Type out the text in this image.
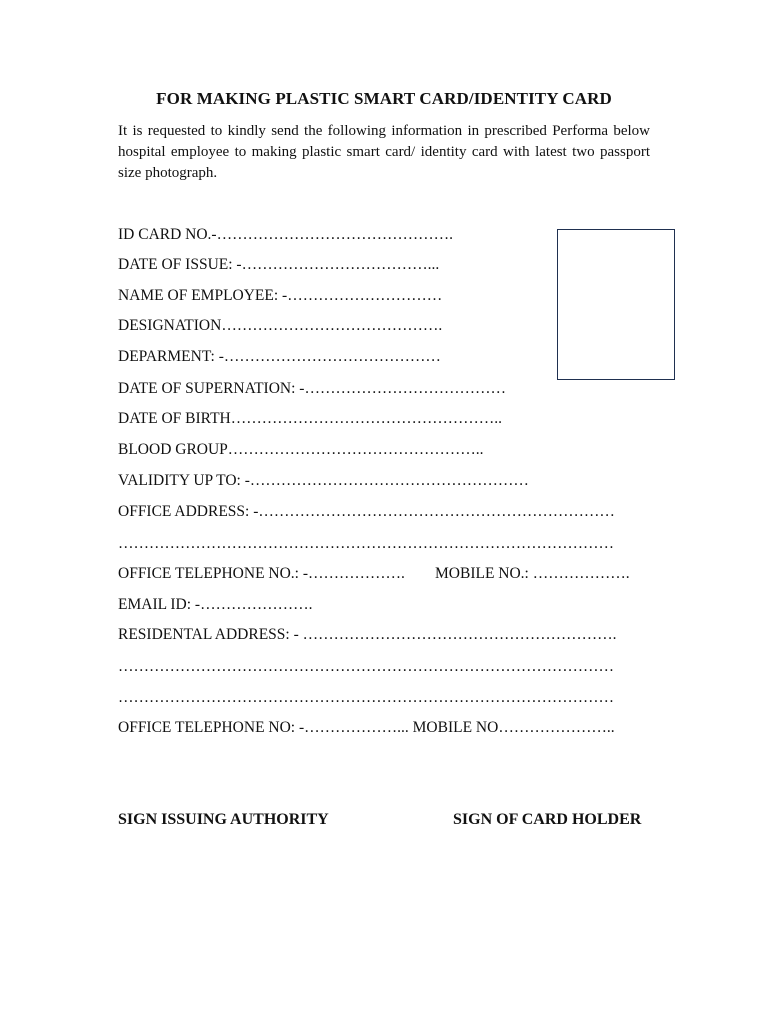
FOR MAKING PLASTIC SMART CARD/IDENTITY CARD
It is requested to kindly send the following information in prescribed Performa below hospital employee to making plastic smart card/ identity card with latest two passport size photograph.
ID CARD NO.-……………………………………….
DATE OF ISSUE: -………………………………...
NAME OF EMPLOYEE: -…………………………
DESIGNATION…………………………………….
DEPARMENT: -……………………………………
DATE OF SUPERNATION: -…………………………………
DATE OF BIRTH……………………………………………..
BLOOD GROUP…………………………………………..
VALIDITY UP TO: -………………………………………………
OFFICE ADDRESS: -……………………………………………………………
……………………………………………………………………………………
OFFICE TELEPHONE NO.: -………………. MOBILE NO.: ……………….
EMAIL ID: -………………….
RESIDENTAL ADDRESS: - …………………………………………………….
……………………………………………………………………………………
……………………………………………………………………………………
OFFICE TELEPHONE NO: -………………... MOBILE NO…………………..
SIGN ISSUING AUTHORITY	SIGN OF CARD HOLDER
